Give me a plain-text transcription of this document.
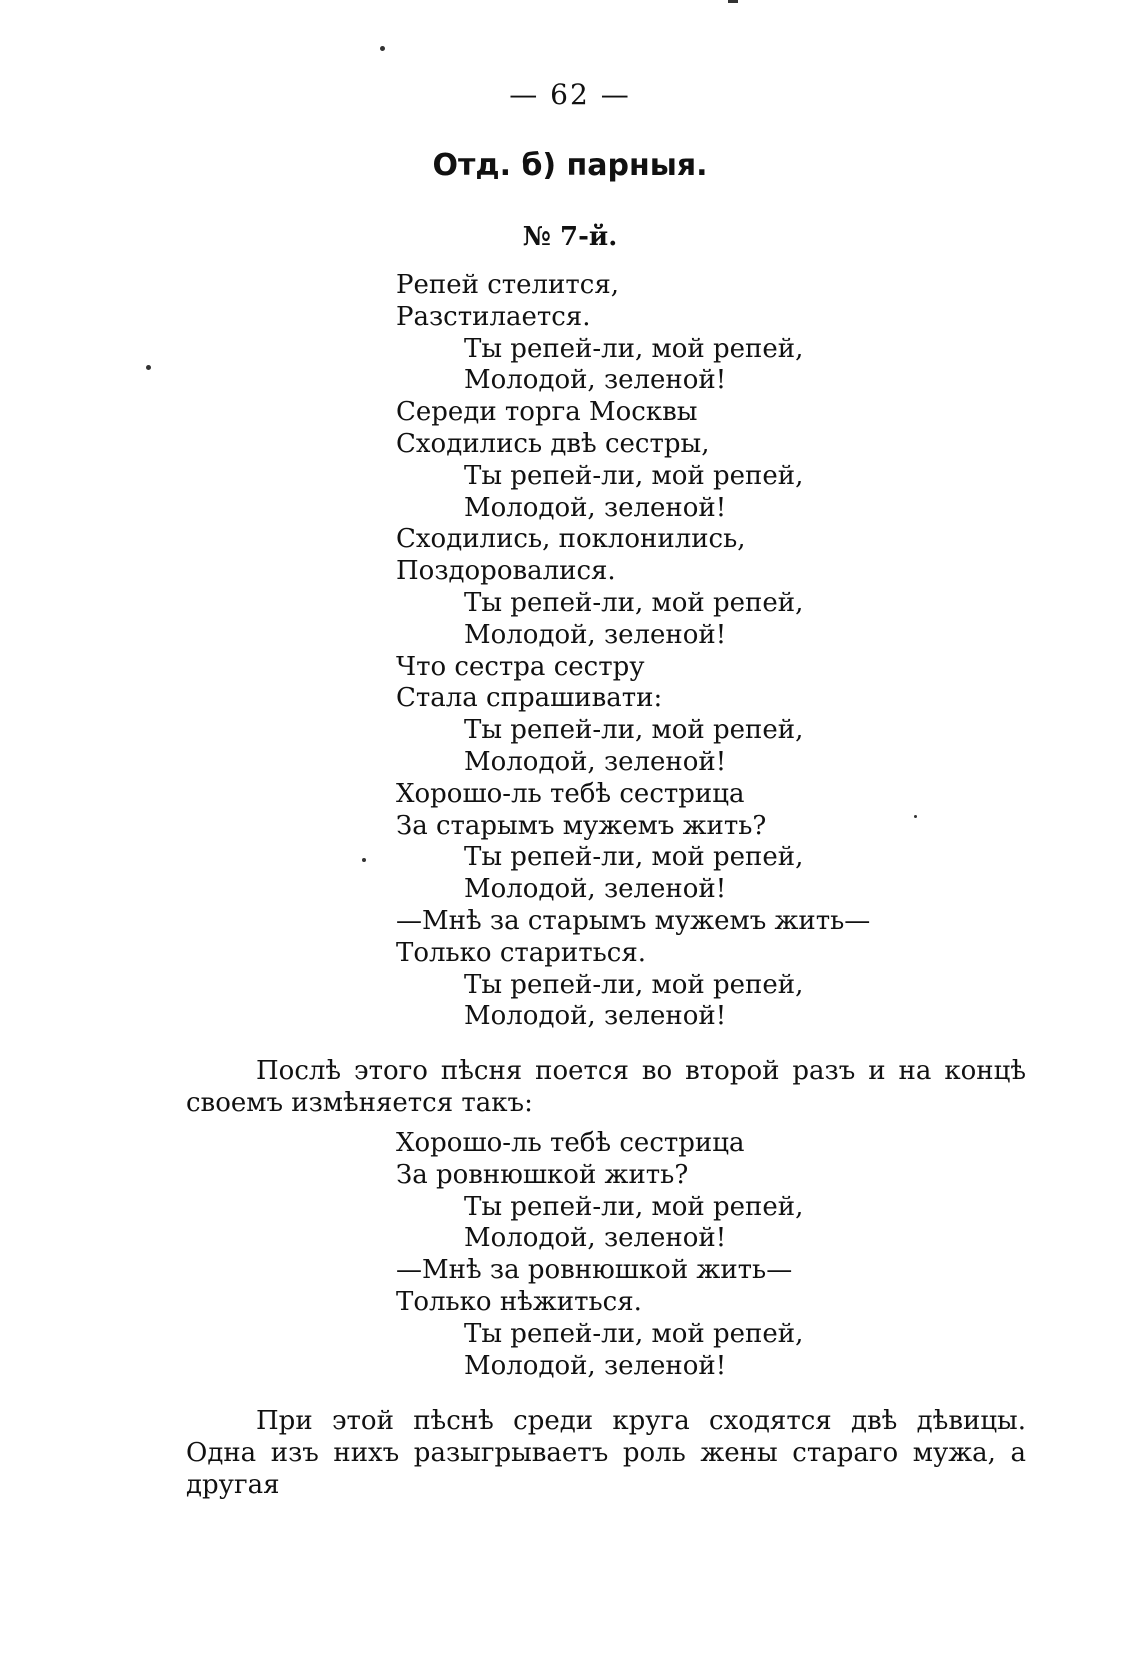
— 62 —
Отд. б) парныя.
№ 7-й.
Репей стелится,
Разстилается.
Ты репей-ли, мой репей,
Молодой, зеленой!
Середи торга Москвы
Сходились двѣ сестры,
Ты репей-ли, мой репей,
Молодой, зеленой!
Сходились, поклонились,
Поздоровалися.
Ты репей-ли, мой репей,
Молодой, зеленой!
Что сестра сестру
Стала спрашивати:
Ты репей-ли, мой репей,
Молодой, зеленой!
Хорошо-ль тебѣ сестрица
За старымъ мужемъ жить?
Ты репей-ли, мой репей,
Молодой, зеленой!
—Мнѣ за старымъ мужемъ жить—
Только стариться.
Ты репей-ли, мой репей,
Молодой, зеленой!

Послѣ этого пѣсня поется во второй разъ и на концѣ своемъ измѣняется такъ:

Хорошо-ль тебѣ сестрица
За ровнюшкой жить?
Ты репей-ли, мой репей,
Молодой, зеленой!
—Мнѣ за ровнюшкой жить—
Только нѣжиться.
Ты репей-ли, мой репей,
Молодой, зеленой!

При этой пѣснѣ среди круга сходятся двѣ дѣвицы. Одна изъ нихъ разыгрываетъ роль жены стараго мужа, а другая
